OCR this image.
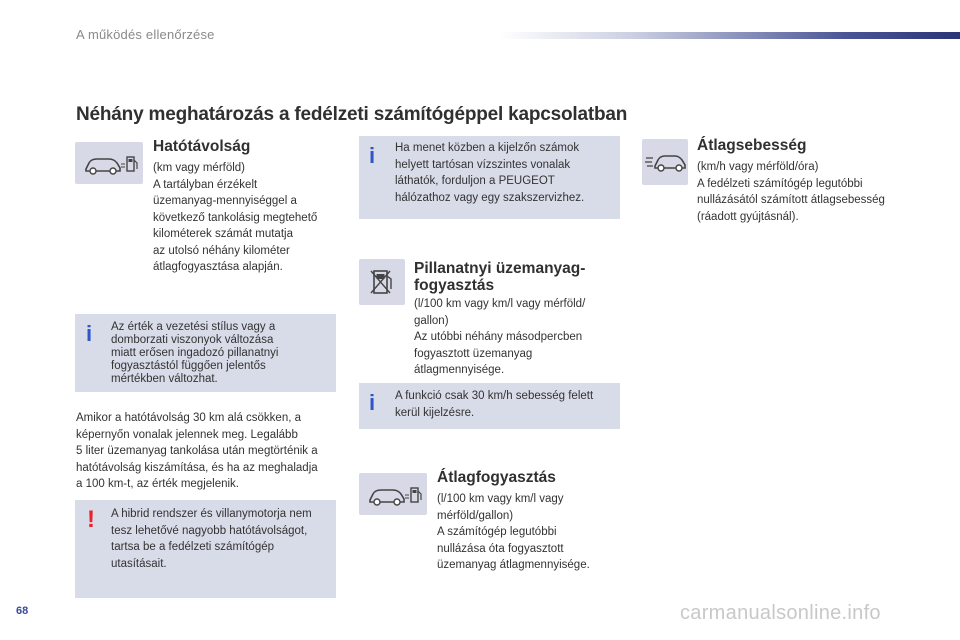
A működés ellenőrzése
Néhány meghatározás a fedélzeti számítógéppel kapcsolatban
Hatótávolság
(km vagy mérföld)
A tartályban érzékelt
üzemanyag-mennyiséggel a
következő tankolásig megtehető
kilométerek számát mutatja
az utolsó néhány kilométer
átlagfogyasztása alapján.
i Az érték a vezetési stílus vagy a
domborzati viszonyok változása
miatt erősen ingadozó pillanatnyi
fogyasztástól függően jelentős
mértékben változhat.
Amikor a hatótávolság 30 km alá csökken, a
képernyőn vonalak jelennek meg. Legalább
5 liter üzemanyag tankolása után megtörténik a
hatótávolság kiszámítása, és ha az meghaladja
a 100 km-t, az érték megjelenik.
! A hibrid rendszer és villanymotorja nem
tesz lehetővé nagyobb hatótávolságot,
tartsa be a fedélzeti számítógép
utasításait.
i Ha menet közben a kijelzőn számok
helyett tartósan vízszintes vonalak
láthatók, forduljon a PEUGEOT
hálózathoz vagy egy szakszervizhez.
Pillanatnyi üzemanyag-
fogyasztás
(l/100 km vagy km/l vagy mérföld/
gallon)
Az utóbbi néhány másodpercben
fogyasztott üzemanyag
átlagmennyisége.
i A funkció csak 30 km/h sebesség felett
kerül kijelzésre.
Átlagfogyasztás
(l/100 km vagy km/l vagy
mérföld/gallon)
A számítógép legutóbbi
nullázása óta fogyasztott
üzemanyag átlagmennyisége.
Átlagsebesség
(km/h vagy mérföld/óra)
A fedélzeti számítógép legutóbbi
nullázásától számított átlagsebesség
(ráadott gyújtásnál).
68	carmanualsonline.info
